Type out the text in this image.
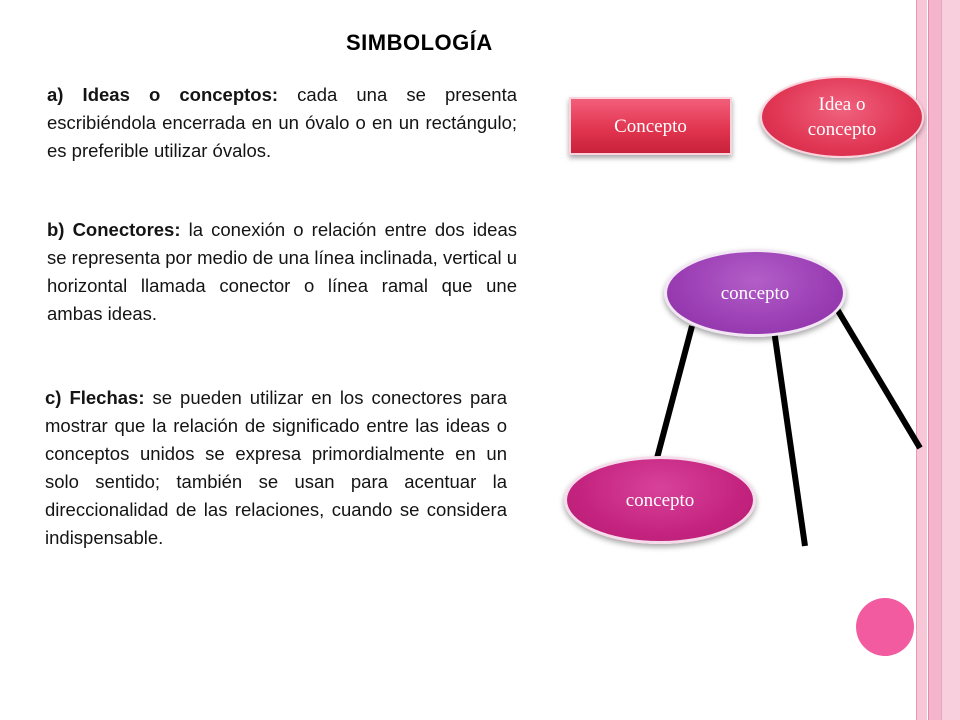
SIMBOLOGÍA
a) Ideas o conceptos: cada una se presenta escribiéndola encerrada en un óvalo o en un rectángulo; es preferible utilizar óvalos.
b) Conectores: la conexión o relación entre dos ideas se representa por medio de una línea inclinada, vertical u horizontal llamada conector o línea ramal que une ambas ideas.
c) Flechas: se pueden utilizar en los conectores para mostrar que la relación de significado entre las ideas o conceptos unidos se expresa primordialmente en un solo sentido; también se usan para acentuar la direccionalidad de las relaciones, cuando se considera indispensable.
Concepto
Idea o
concepto
concepto
concepto
